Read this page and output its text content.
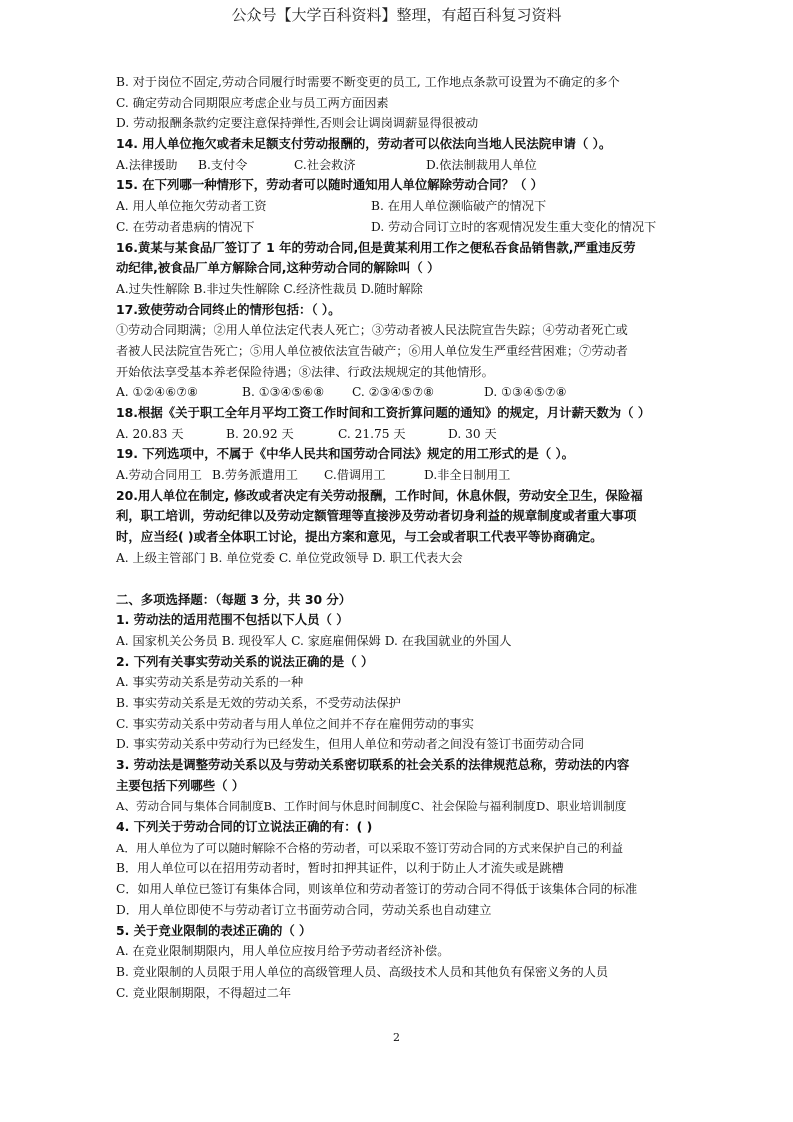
公众号【大学百科资料】整理，有超百科复习资料
B. 对于岗位不固定,劳动合同履行时需要不断变更的员工, 工作地点条款可设置为不确定的多个
C. 确定劳动合同期限应考虑企业与员工两方面因素
D. 劳动报酬条款约定要注意保持弹性,否则会让调岗调薪显得很被动
14. 用人单位拖欠或者未足额支付劳动报酬的，劳动者可以依法向当地人民法院申请（ ）。
A.法律援助 B.支付令	C.社会救济	D.依法制裁用人单位
15. 在下列哪一种情形下，劳动者可以随时通知用人单位解除劳动合同？（ ）
A. 用人单位拖欠劳动者工资	B. 在用人单位濒临破产的情况下
C. 在劳动者患病的情况下	D. 劳动合同订立时的客观情况发生重大变化的情况下
16.黄某与某食品厂签订了 1 年的劳动合同,但是黄某利用工作之便私吞食品销售款,严重违反劳
动纪律,被食品厂单方解除合同,这种劳动合同的解除叫（ ）
A.过失性解除 B.非过失性解除 C.经济性裁员 D.随时解除
17.致使劳动合同终止的情形包括：（ ）。
①劳动合同期满；②用人单位法定代表人死亡；③劳动者被人民法院宣告失踪；④劳动者死亡或
者被人民法院宣告死亡；⑤用人单位被依法宣告破产；⑥用人单位发生严重经营困难；⑦劳动者
开始依法享受基本养老保险待遇；⑧法律、行政法规规定的其他情形。
A. ①②④⑥⑦⑧	B. ①③④⑤⑥⑧ C. ②③④⑤⑦⑧	D. ①③④⑤⑦⑧
18.根据《关于职工全年月平均工资工作时间和工资折算问题的通知》的规定，月计薪天数为（ ）
A. 20.83 天	B. 20.92 天	C. 21.75 天	D. 30 天
19. 下列选项中，不属于《中华人民共和国劳动合同法》规定的用工形式的是（ ）。
A.劳动合同用工 B.劳务派遣用工 C.借调用工	D.非全日制用工
20.用人单位在制定, 修改或者决定有关劳动报酬，工作时间，休息休假，劳动安全卫生，保险福
利，职工培训，劳动纪律以及劳动定额管理等直接涉及劳动者切身利益的规章制度或者重大事项
时，应当经( )或者全体职工讨论，提出方案和意见，与工会或者职工代表平等协商确定。
A. 上级主管部门 B. 单位党委 C. 单位党政领导 D. 职工代表大会
二、多项选择题：（每题 3 分，共 30 分）
1. 劳动法的适用范围不包括以下人员（ ）
A. 国家机关公务员 B. 现役军人 C. 家庭雇佣保姆 D. 在我国就业的外国人
2. 下列有关事实劳动关系的说法正确的是（ ）
A. 事实劳动关系是劳动关系的一种
B. 事实劳动关系是无效的劳动关系，不受劳动法保护
C. 事实劳动关系中劳动者与用人单位之间并不存在雇佣劳动的事实
D. 事实劳动关系中劳动行为已经发生，但用人单位和劳动者之间没有签订书面劳动合同
3. 劳动法是调整劳动关系以及与劳动关系密切联系的社会关系的法律规范总称，劳动法的内容
主要包括下列哪些（ ）
A、劳动合同与集体合同制度B、工作时间与休息时间制度C、社会保险与福利制度D、职业培训制度
4. 下列关于劳动合同的订立说法正确的有：( )
A．用人单位为了可以随时解除不合格的劳动者，可以采取不签订劳动合同的方式来保护自己的利益
B．用人单位可以在招用劳动者时，暂时扣押其证件，以利于防止人才流失或是跳槽
C．如用人单位已签订有集体合同，则该单位和劳动者签订的劳动合同不得低于该集体合同的标准
D．用人单位即使不与劳动者订立书面劳动合同，劳动关系也自动建立
5. 关于竞业限制的表述正确的（ ）
A. 在竞业限制期限内，用人单位应按月给予劳动者经济补偿。
B. 竞业限制的人员限于用人单位的高级管理人员、高级技术人员和其他负有保密义务的人员
C. 竞业限制期限，不得超过二年
2
